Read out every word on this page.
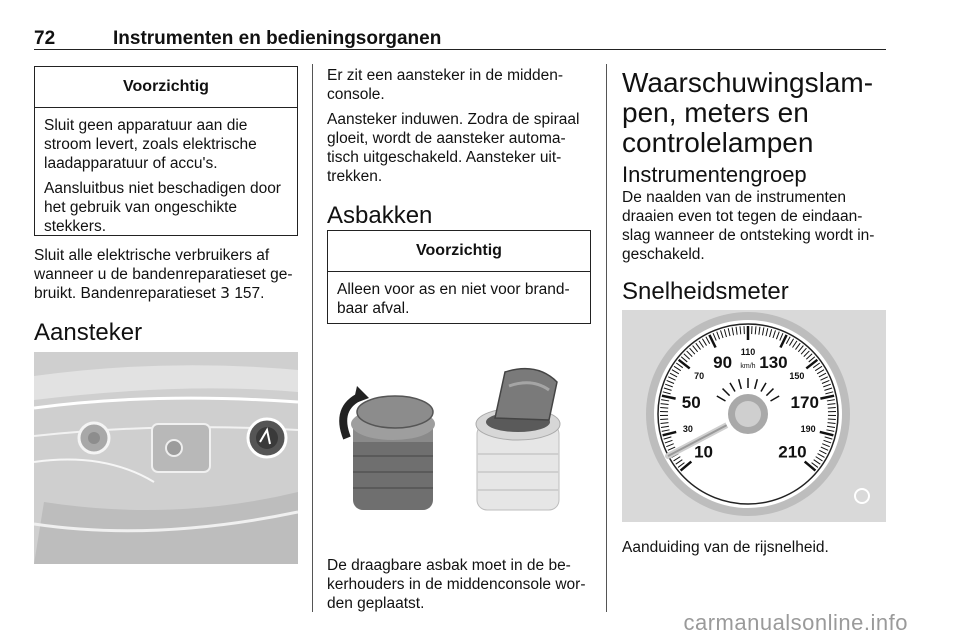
72	Instrumenten en bedieningsorganen
Voorzichtig

Sluit geen apparatuur aan die stroom levert, zoals elektrische laadapparatuur of accu's.

Aansluitbus niet beschadigen door het gebruik van ongeschikte stekkers.

Sluit alle elektrische verbruikers af wanneer u de bandenreparatieset ge-bruikt. Bandenreparatieset 3 157.
Aansteker

Er zit een aansteker in de midden-console.

Aansteker induwen. Zodra de spiraal gloeit, wordt de aansteker automa-tisch uitgeschakeld. Aansteker uit-trekken.

Asbakken
Voorzichtig

Alleen voor as en niet voor brand-baar afval.

De draagbare asbak moet in de be-kerhouders in de middenconsole wor-den geplaatst.
Waarschuwingslam-pen, meters en controlelampen
Instrumentengroep
De naalden van de instrumenten draaien even tot tegen de eindaan-slag wanneer de ontsteking wordt in-geschakeld.
Snelheidsmeter
10
30
50
70
90
110
130
150
170
190
210
km/h
Aanduiding van de rijsnelheid.
carmanualsonline.info
